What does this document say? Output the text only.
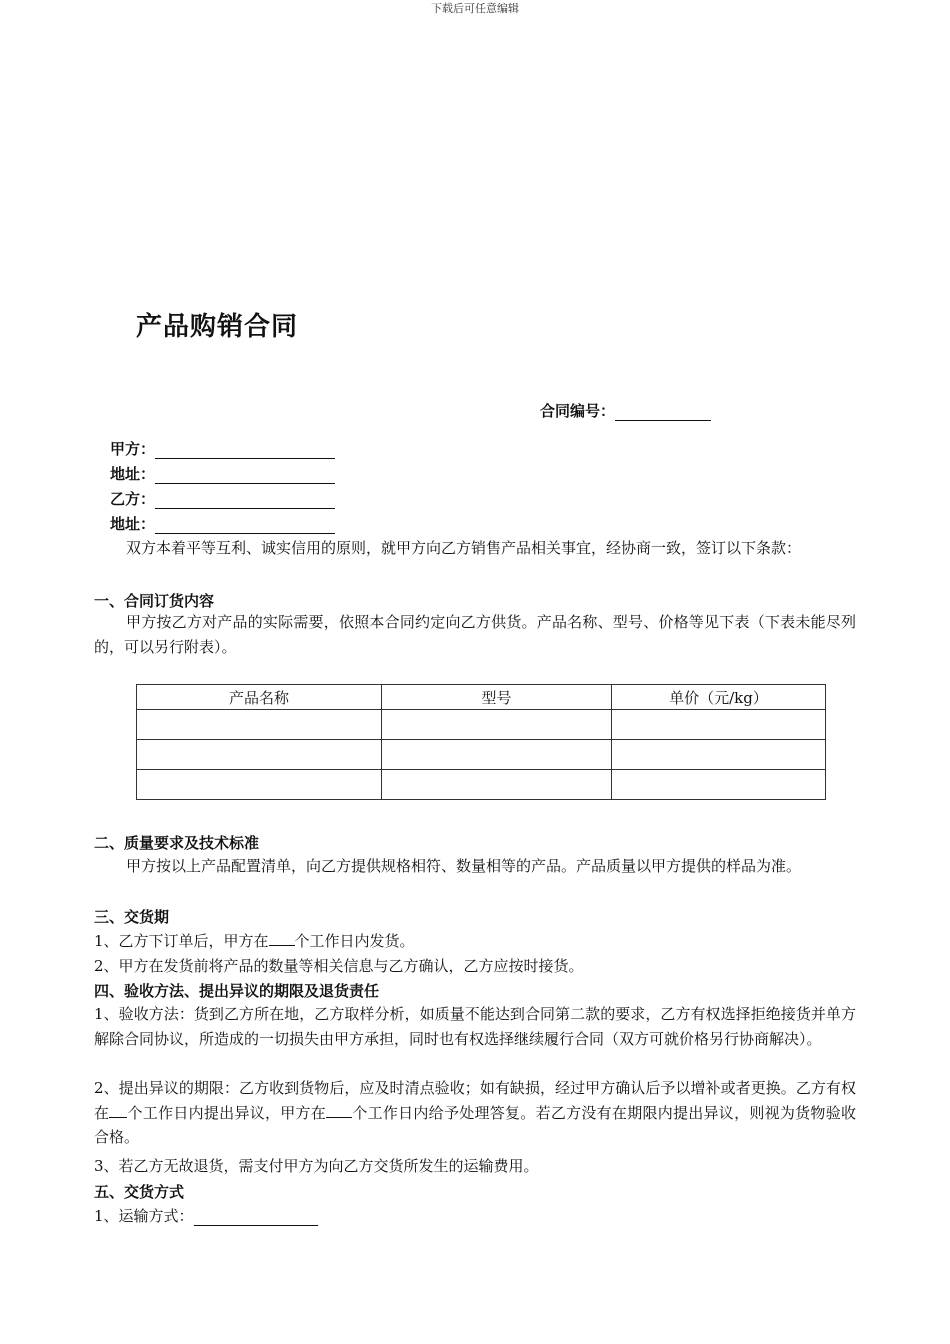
下载后可任意编辑
产品购销合同
合同编号：
甲方：
地址：
乙方：
地址：
双方本着平等互利、诚实信用的原则，就甲方向乙方销售产品相关事宜，经协商一致，签订以下条款：
一、合同订货内容
甲方按乙方对产品的实际需要，依照本合同约定向乙方供货。产品名称、型号、价格等见下表（下表未能尽列的，可以另行附表）。
产品名称	型号	单价（元/kg）

二、质量要求及技术标准
甲方按以上产品配置清单，向乙方提供规格相符、数量相等的产品。产品质量以甲方提供的样品为准。
三、交货期
1、乙方下订单后，甲方在 个工作日内发货。
2、甲方在发货前将产品的数量等相关信息与乙方确认，乙方应按时接货。
四、验收方法、提出异议的期限及退货责任
1、验收方法：货到乙方所在地，乙方取样分析，如质量不能达到合同第二款的要求，乙方有权选择拒绝接货并单方解除合同协议，所造成的一切损失由甲方承担，同时也有权选择继续履行合同（双方可就价格另行协商解决）。
2、提出异议的期限：乙方收到货物后，应及时清点验收；如有缺损，经过甲方确认后予以增补或者更换。乙方有权在 个工作日内提出异议，甲方在 个工作日内给予处理答复。若乙方没有在期限内提出异议，则视为货物验收合格。
3、若乙方无故退货，需支付甲方为向乙方交货所发生的运输费用。
五、交货方式
1、运输方式：
